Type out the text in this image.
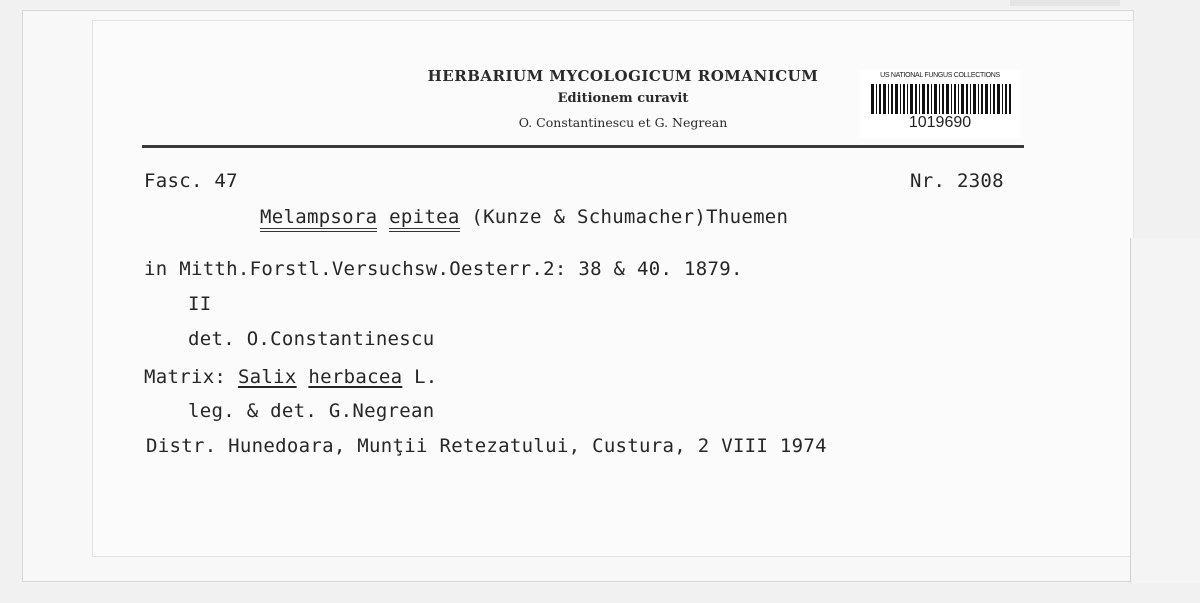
HERBARIUM MYCOLOGICUM ROMANICUM
Editionem curavit
O. Constantinescu et G. Negrean
US NATIONAL FUNGUS COLLECTIONS
1019690
Fasc. 47	Nr. 2308
Melampsora epitea (Kunze & Schumacher)Thuemen
in Mitth.Forstl.Versuchsw.Oesterr.2: 38 & 40. 1879.
II
det. O.Constantinescu
Matrix: Salix herbacea L.
leg. & det. G.Negrean
Distr. Hunedoara, Munţii Retezatului, Custura, 2 VIII 1974
